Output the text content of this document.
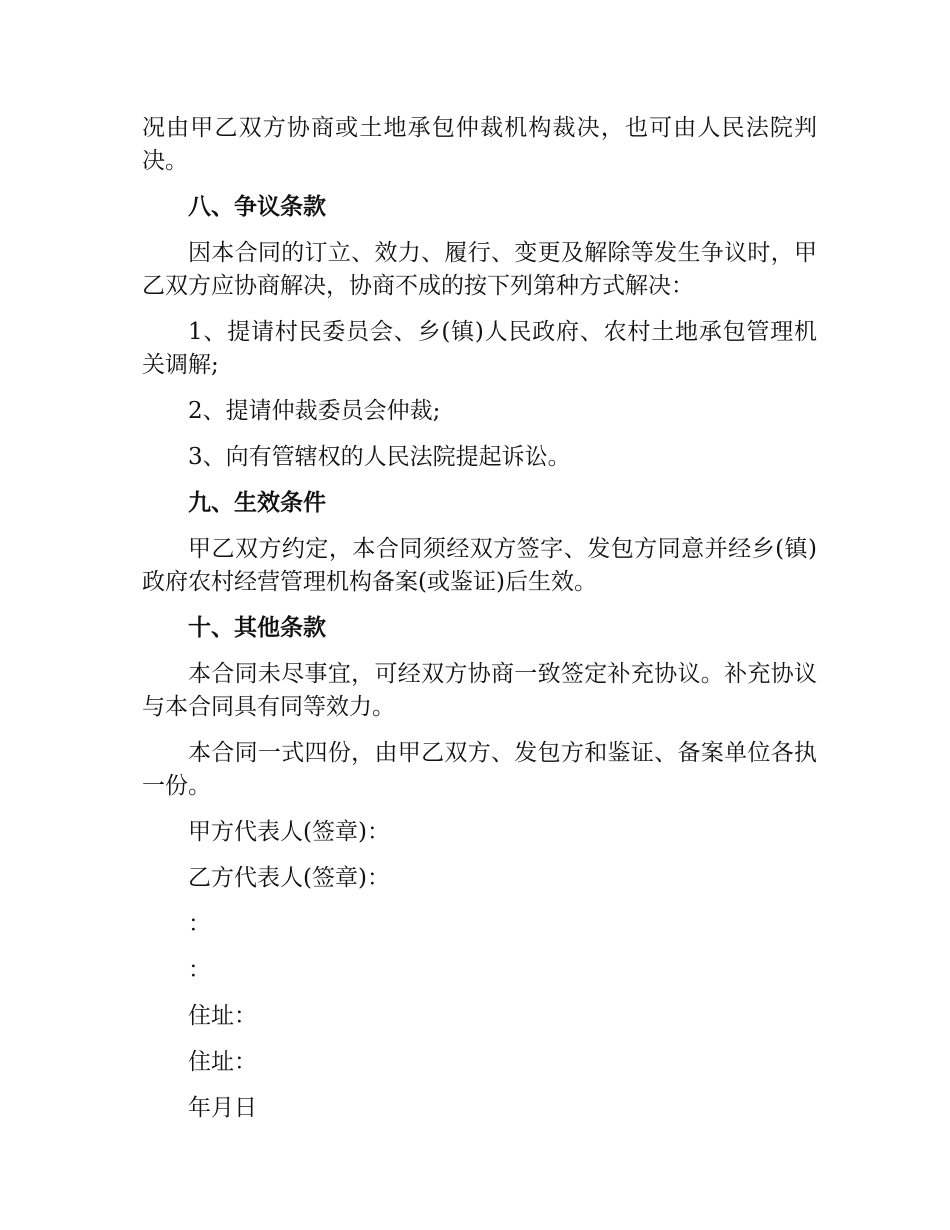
况由甲乙双方协商或土地承包仲裁机构裁决，也可由人民法院判决。

八、争议条款

因本合同的订立、效力、履行、变更及解除等发生争议时，甲乙双方应协商解决，协商不成的按下列第种方式解决：

1、提请村民委员会、乡(镇)人民政府、农村土地承包管理机关调解;

2、提请仲裁委员会仲裁;

3、向有管辖权的人民法院提起诉讼。

九、生效条件

甲乙双方约定，本合同须经双方签字、发包方同意并经乡(镇)政府农村经营管理机构备案(或鉴证)后生效。

十、其他条款

本合同未尽事宜，可经双方协商一致签定补充协议。补充协议与本合同具有同等效力。

本合同一式四份，由甲乙双方、发包方和鉴证、备案单位各执一份。

甲方代表人(签章)：
乙方代表人(签章)：
：
：
住址：
住址：
年月日
